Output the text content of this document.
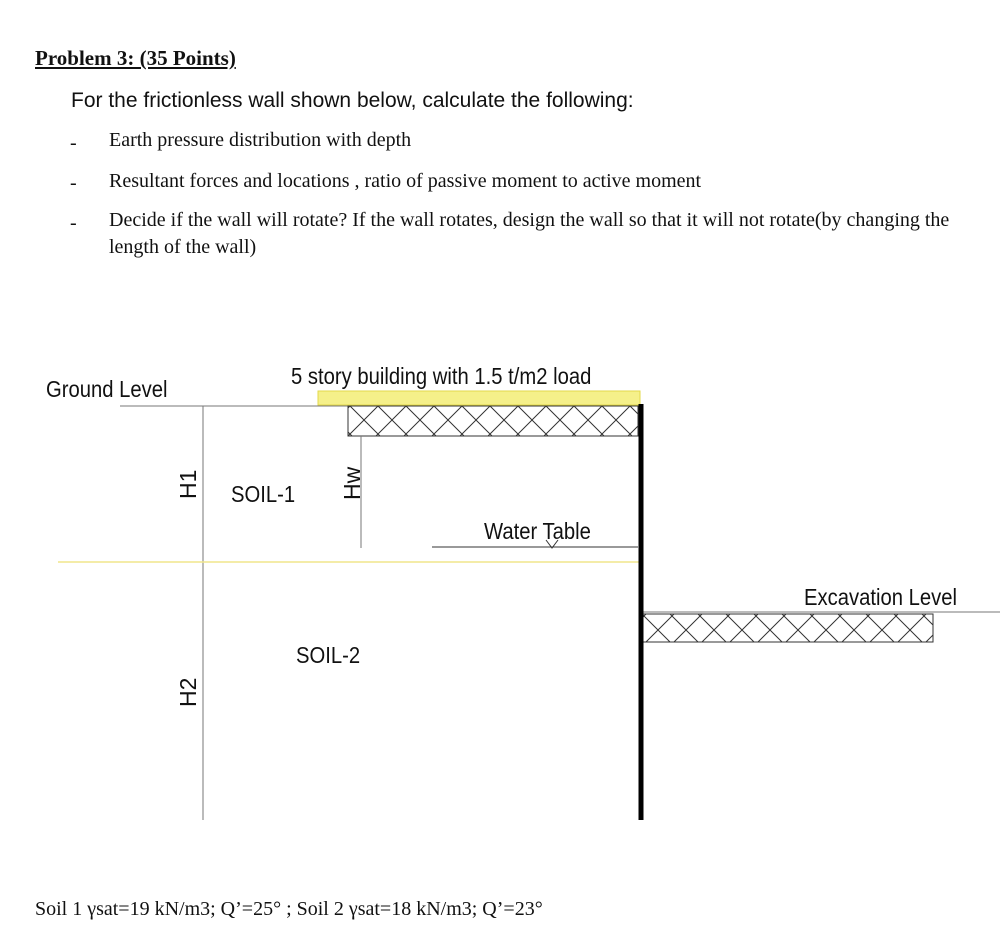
Problem 3: (35 Points)
For the frictionless wall shown below, calculate the following:
- Earth pressure distribution with depth
- Resultant forces and locations , ratio of passive moment to active moment
- Decide if the wall will rotate? If the wall rotates, design the wall so that it will not rotate(by changing the length of the wall)
Ground Level	5 story building with 1.5 t/m2 load
H1 SOIL-1 Hw
Water Table
Excavation Level
SOIL-2
H2
Soil 1 γsat=19 kN/m3; Q’=25° ; Soil 2 γsat=18 kN/m3; Q’=23°
